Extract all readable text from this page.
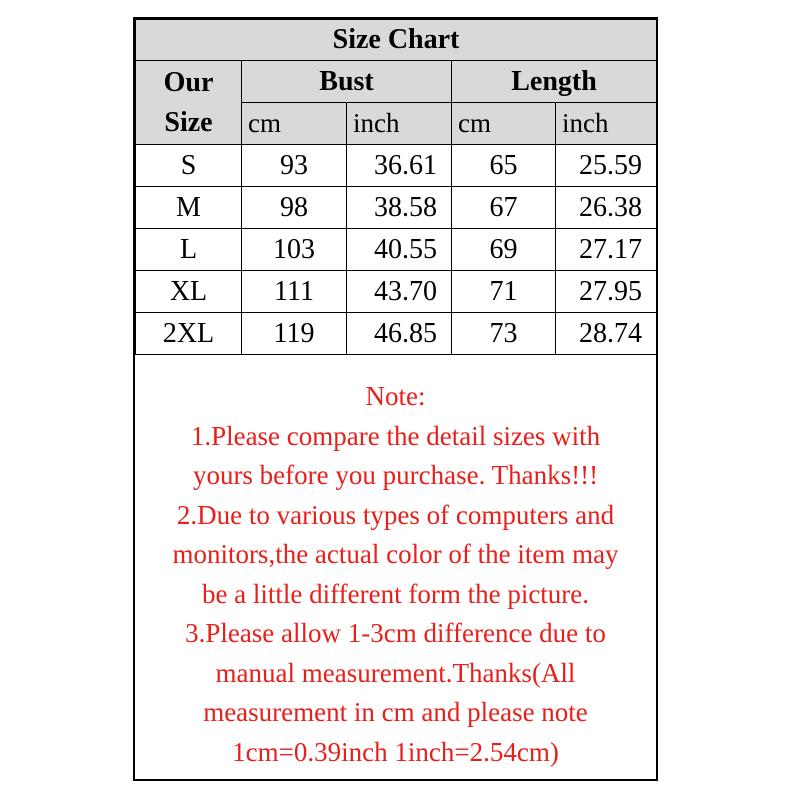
Size Chart				

Our
Size	Bust		Length	
	cm	inch	cm	inch
S	93	36.61	65	25.59
M	98	38.58	67	26.38
L	103	40.55	69	27.17
XL	111	43.70	71	27.95
2XL	119	46.85	73	28.74
Note:
1.Please compare the detail sizes with
yours before you purchase. Thanks!!!
2.Due to various types of computers and
monitors,the actual color of the item may
be a little different form the picture.
3.Please allow 1-3cm difference due to
manual measurement.Thanks(All
measurement in cm and please note
1cm=0.39inch 1inch=2.54cm)
